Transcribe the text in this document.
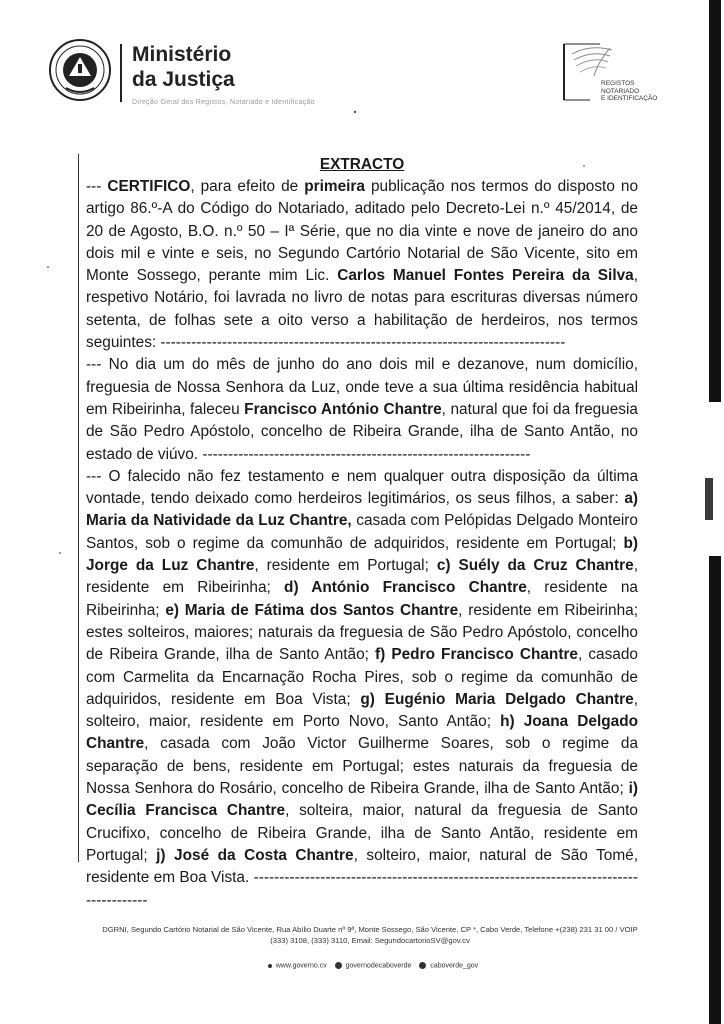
Ministério
da Justiça

Direção Geral dos Registos, Notariado e Identificação

REGISTOS
NOTARIADO
E IDENTIFICAÇÃO

EXTRACTO

--- CERTIFICO, para efeito de primeira publicação nos termos do disposto no artigo 86.º-A do Código do Notariado, aditado pelo Decreto-Lei n.º 45/2014, de 20 de Agosto, B.O. n.º 50 – Iª Série, que no dia vinte e nove de janeiro do ano dois mil e vinte e seis, no Segundo Cartório Notarial de São Vicente, sito em Monte Sossego, perante mim Lic. Carlos Manuel Fontes Pereira da Silva, respetivo Notário, foi lavrada no livro de notas para escrituras diversas número setenta, de folhas sete a oito verso a habilitação de herdeiros, nos termos seguintes: -------------------------------------------------------------------------------

--- No dia um do mês de junho do ano dois mil e dezanove, num domicílio, freguesia de Nossa Senhora da Luz, onde teve a sua última residência habitual em Ribeirinha, faleceu Francisco António Chantre, natural que foi da freguesia de São Pedro Apóstolo, concelho de Ribeira Grande, ilha de Santo Antão, no estado de viúvo. ----------------------------------------------------------------

--- O falecido não fez testamento e nem qualquer outra disposição da última vontade, tendo deixado como herdeiros legitimários, os seus filhos, a saber: a) Maria da Natividade da Luz Chantre, casada com Pelópidas Delgado Monteiro Santos, sob o regime da comunhão de adquiridos, residente em Portugal; b) Jorge da Luz Chantre, residente em Portugal; c) Suély da Cruz Chantre, residente em Ribeirinha; d) António Francisco Chantre, residente na Ribeirinha; e) Maria de Fátima dos Santos Chantre, residente em Ribeirinha; estes solteiros, maiores; naturais da freguesia de São Pedro Apóstolo, concelho de Ribeira Grande, ilha de Santo Antão; f) Pedro Francisco Chantre, casado com Carmelita da Encarnação Rocha Pires, sob o regime da comunhão de adquiridos, residente em Boa Vista; g) Eugénio Maria Delgado Chantre, solteiro, maior, residente em Porto Novo, Santo Antão; h) Joana Delgado Chantre, casada com João Victor Guilherme Soares, sob o regime da separação de bens, residente em Portugal; estes naturais da freguesia de Nossa Senhora do Rosário, concelho de Ribeira Grande, ilha de Santo Antão; i) Cecília Francisca Chantre, solteira, maior, natural da freguesia de Santo Crucifixo, concelho de Ribeira Grande, ilha de Santo Antão, residente em Portugal; j) José da Costa Chantre, solteiro, maior, natural de São Tomé, residente em Boa Vista. ---------------------------------------------------------------------------------------

DGRNI, Segundo Cartório Notarial de São Vicente, Rua Abílio Duarte nº 9ª, Monte Sossego, São Vicente, CP *, Cabo Verde, Telefone +(238) 231 31 00 / VOIP (333) 3108, (333) 3110, Email: SegundocartorioSV@gov.cv

www.governo.cv	governodecaboverde	caboverde_gov
